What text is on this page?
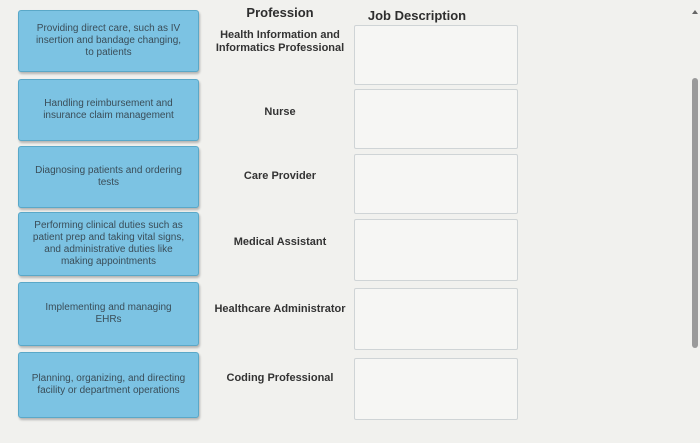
Profession	Job Description
Providing direct care, such as IV insertion and bandage changing, to patients
Handling reimbursement and insurance claim management
Diagnosing patients and ordering tests
Performing clinical duties such as patient prep and taking vital signs, and administrative duties like making appointments
Implementing and managing EHRs
Planning, organizing, and directing facility or department operations
Health Information and Informatics Professional
Nurse
Care Provider
Medical Assistant
Healthcare Administrator
Coding Professional
